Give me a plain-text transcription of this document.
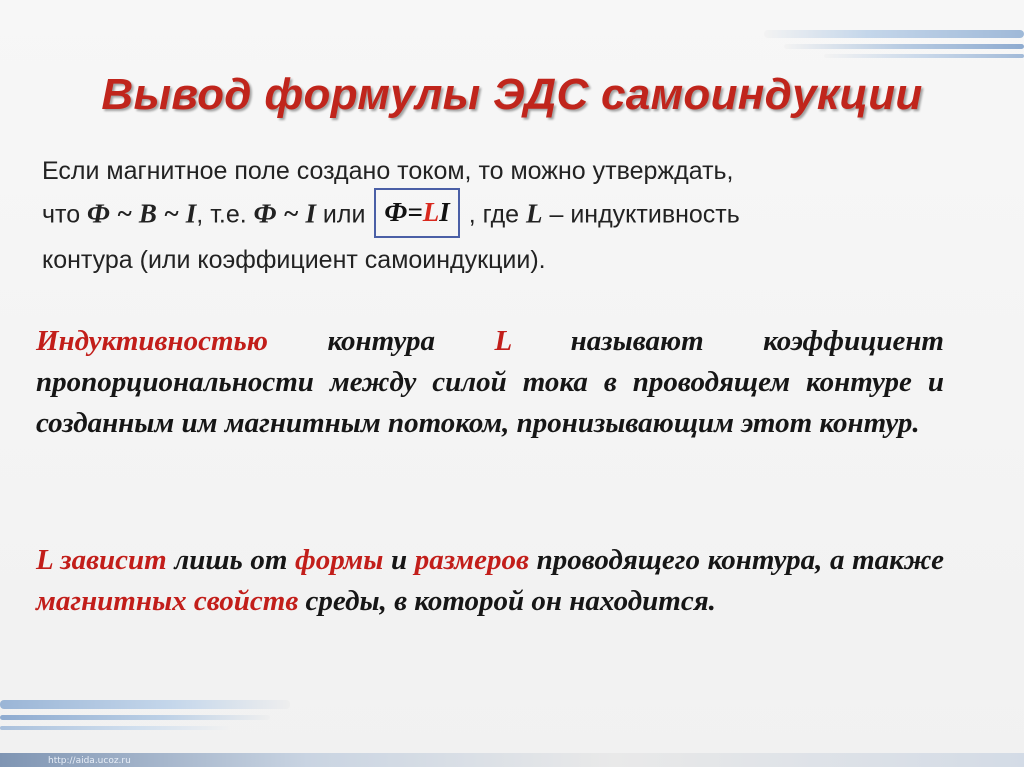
Вывод формулы ЭДС самоиндукции
Если магнитное поле создано током, то можно утверждать,
что Ф ~ B ~ I, т.е. Ф ~ I или Ф=LI , где L – индуктивность
контура (или коэффициент самоиндукции).
Индуктивностью контура L называют коэффициент пропорциональности между силой тока в проводящем контуре и созданным им магнитным потоком, пронизывающим этот контур.
L зависит лишь от формы и размеров проводящего контура, а также магнитных свойств среды, в которой он находится.
http://aida.ucoz.ru
